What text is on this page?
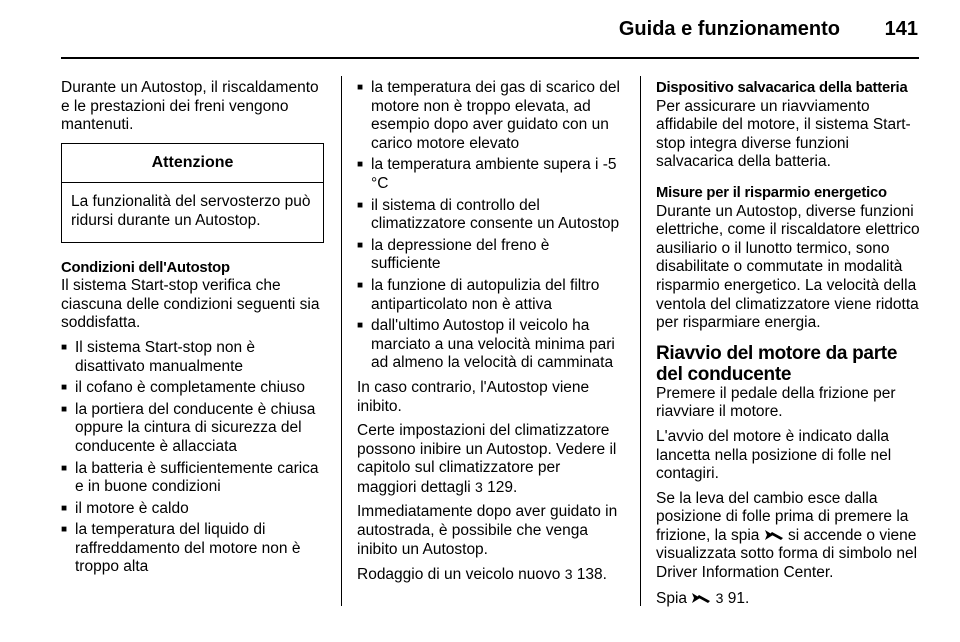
Guida e funzionamento 141

Durante un Autostop, il riscaldamento e le prestazioni dei freni vengono mantenuti.

Attenzione
La funzionalità del servosterzo può ridursi durante un Autostop.
Condizioni dell'Autostop

Il sistema Start-stop verifica che ciascuna delle condizioni seguenti sia soddisfatta.

■ Il sistema Start-stop non è disattivato manualmente
■ il cofano è completamente chiuso
■ la portiera del conducente è chiusa oppure la cintura di sicurezza del conducente è allacciata
■ la batteria è sufficientemente carica e in buone condizioni
■ il motore è caldo
■ la temperatura del liquido di raffreddamento del motore non è troppo alta
■ la temperatura dei gas di scarico del motore non è troppo elevata, ad esempio dopo aver guidato con un carico motore elevato
■ la temperatura ambiente supera i -5 °C
■ il sistema di controllo del climatizzatore consente un Autostop
■ la depressione del freno è sufficiente
■ la funzione di autopulizia del filtro antiparticolato non è attiva
■ dall'ultimo Autostop il veicolo ha marciato a una velocità minima pari ad almeno la velocità di camminata

In caso contrario, l'Autostop viene inibito.

Certe impostazioni del climatizzatore possono inibire un Autostop. Vedere il capitolo sul climatizzatore per maggiori dettagli 3 129.

Immediatamente dopo aver guidato in autostrada, è possibile che venga inibito un Autostop.

Rodaggio di un veicolo nuovo 3 138.

Dispositivo salvacarica della batteria

Per assicurare un riavviamento affidabile del motore, il sistema Start-stop integra diverse funzioni salvacarica della batteria.

Misure per il risparmio energetico

Durante un Autostop, diverse funzioni elettriche, come il riscaldatore elettrico ausiliario o il lunotto termico, sono disabilitate o commutate in modalità risparmio energetico. La velocità della ventola del climatizzatore viene ridotta per risparmiare energia.

Riavvio del motore da parte del conducente

Premere il pedale della frizione per riavviare il motore.

L'avvio del motore è indicato dalla lancetta nella posizione di folle nel contagiri.

Se la leva del cambio esce dalla posizione di folle prima di premere la frizione, la spia si accende o viene visualizzata sotto forma di simbolo nel Driver Information Center.

Spia 3 91.
